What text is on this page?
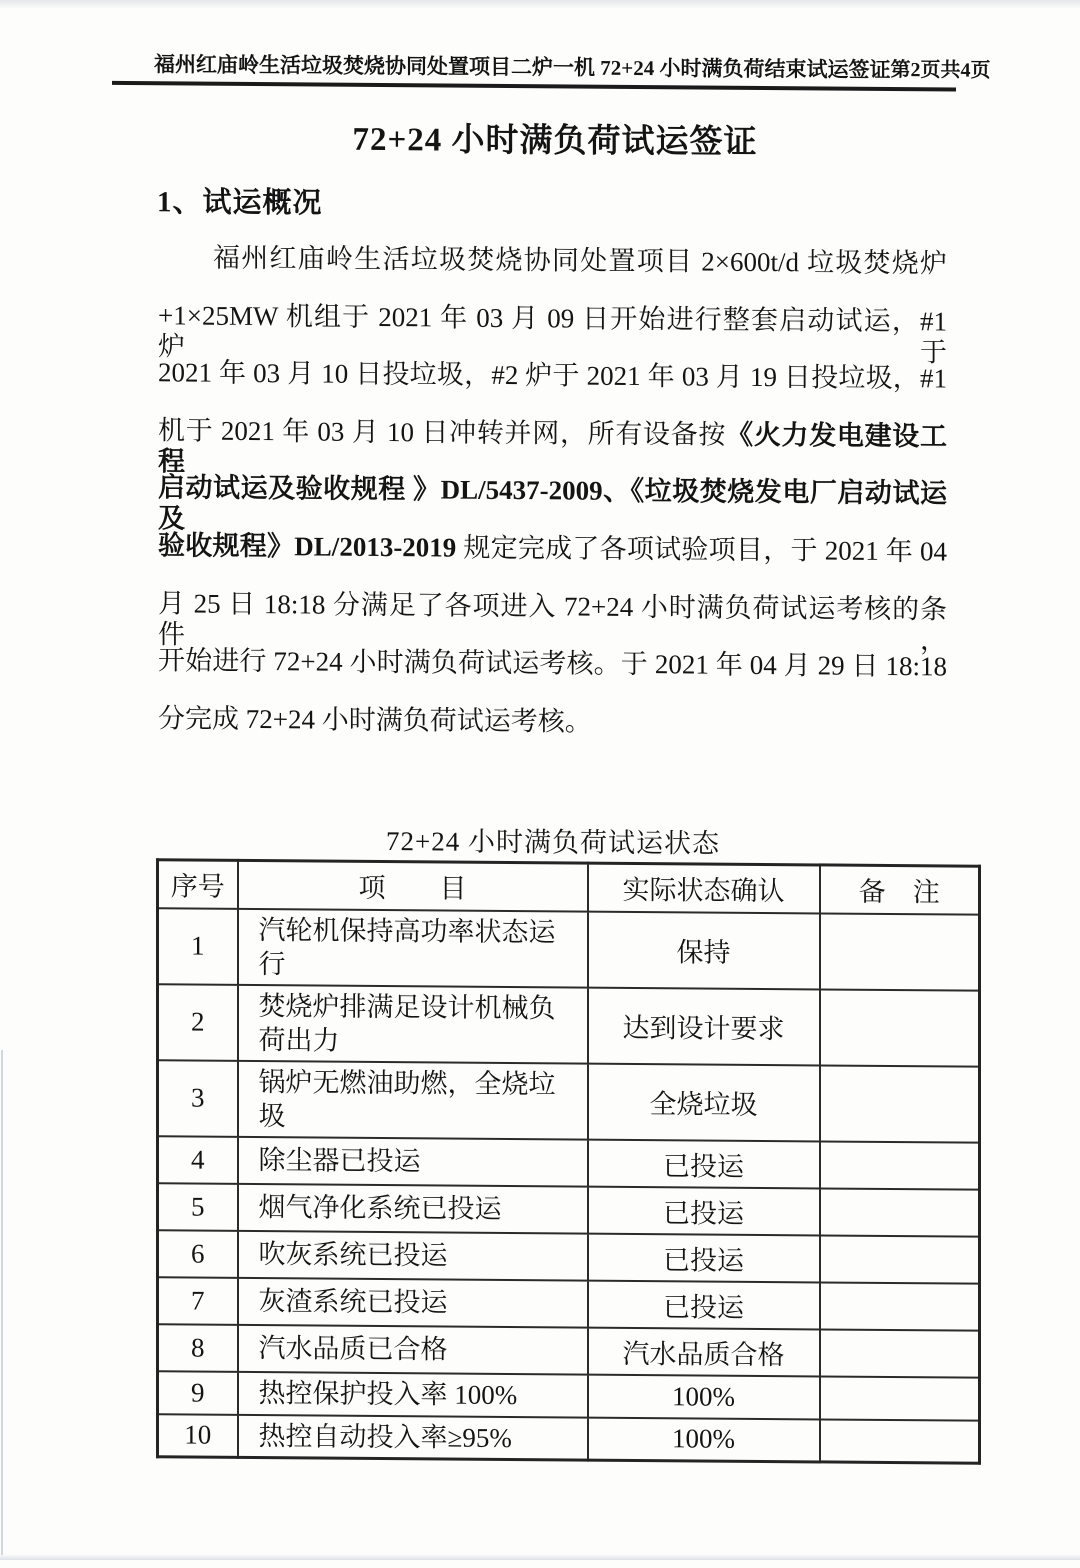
福州红庙岭生活垃圾焚烧协同处置项目二炉一机 72+24 小时满负荷结束试运签证 第2页共4页
72+24 小时满负荷试运签证
1、试运概况
福州红庙岭生活垃圾焚烧协同处置项目 2×600t/d 垃圾焚烧炉
+1×25MW 机组于 2021 年 03 月 09 日开始进行整套启动试运，#1 炉于
2021 年 03 月 10 日投垃圾，#2 炉于 2021 年 03 月 19 日投垃圾，#1
机于 2021 年 03 月 10 日冲转并网，所有设备按《火力发电建设工程
启动试运及验收规程 》DL/5437-2009、《垃圾焚烧发电厂启动试运及
验收规程》DL/2013-2019 规定完成了各项试验项目，于 2021 年 04
月 25 日 18:18 分满足了各项进入 72+24 小时满负荷试运考核的条件，
开始进行 72+24 小时满负荷试运考核。于 2021 年 04 月 29 日 18:18
分完成 72+24 小时满负荷试运考核。
72+24 小时满负荷试运状态
序号	项　　目	实际状态确认	备　注
1	汽轮机保持高功率状态运行	保持	
2	焚烧炉排满足设计机械负荷出力	达到设计要求	
3	锅炉无燃油助燃，全烧垃圾	全烧垃圾	
4	除尘器已投运	已投运	
5	烟气净化系统已投运	已投运	
6	吹灰系统已投运	已投运	
7	灰渣系统已投运	已投运	
8	汽水品质已合格	汽水品质合格	
9	热控保护投入率 100%	100%	
10	热控自动投入率≥95%	100%	
